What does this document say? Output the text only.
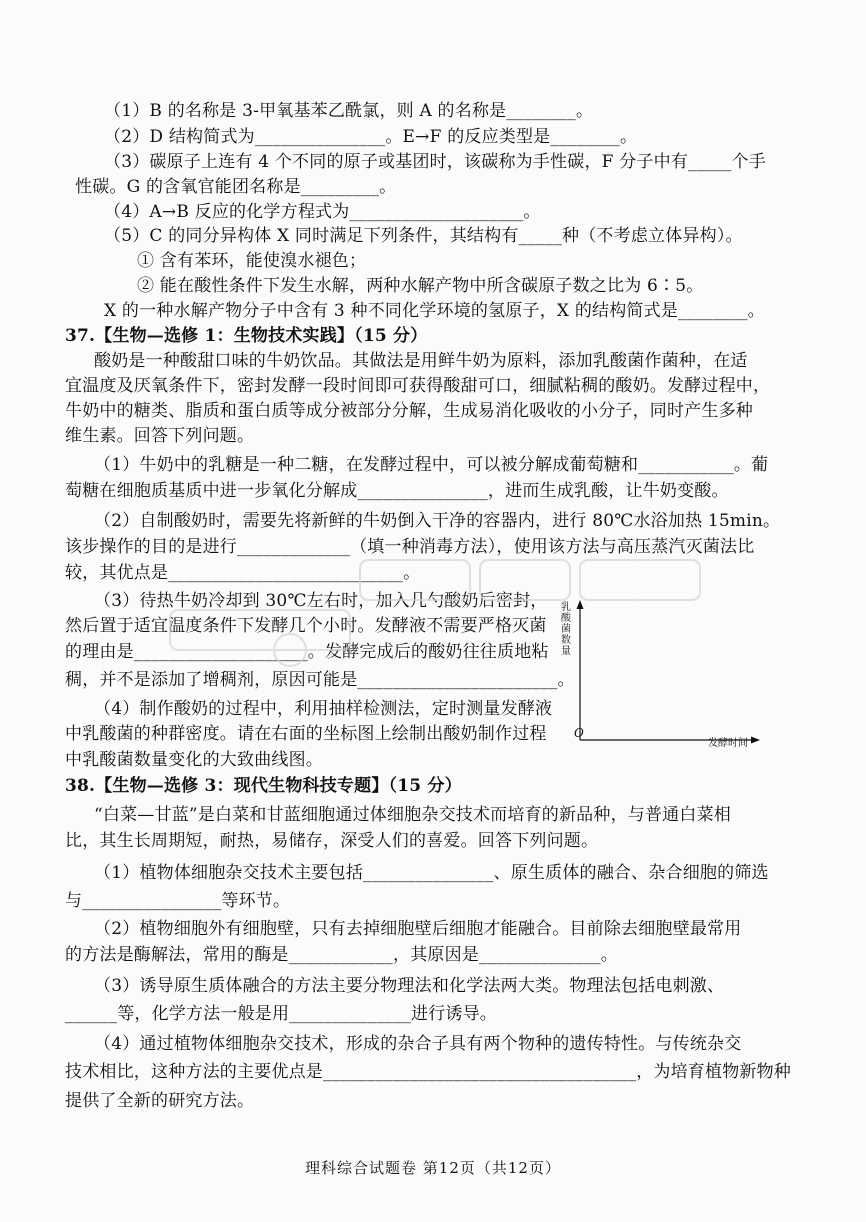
（1）B 的名称是 3-甲氧基苯乙酰氯，则 A 的名称是________。
（2）D 结构简式为_______________。E→F 的反应类型是________。
（3）碳原子上连有 4 个不同的原子或基团时，该碳称为手性碳，F 分子中有_____个手
性碳。G 的含氧官能团名称是_________。
（4）A→B 反应的化学方程式为____________________。
（5）C 的同分异构体 X 同时满足下列条件，其结构有_____种（不考虑立体异构）。
① 含有苯环，能使溴水褪色；
② 能在酸性条件下发生水解，两种水解产物中所含碳原子数之比为 6∶5。
X 的一种水解产物分子中含有 3 种不同化学环境的氢原子，X 的结构简式是________。
37.【生物—选修 1：生物技术实践】（15 分）
酸奶是一种酸甜口味的牛奶饮品。其做法是用鲜牛奶为原料，添加乳酸菌作菌种，在适
宜温度及厌氧条件下，密封发酵一段时间即可获得酸甜可口，细腻粘稠的酸奶。发酵过程中，
牛奶中的糖类、脂质和蛋白质等成分被部分分解，生成易消化吸收的小分子，同时产生多种
维生素。回答下列问题。
（1）牛奶中的乳糖是一种二糖，在发酵过程中，可以被分解成葡萄糖和___________。葡
萄糖在细胞质基质中进一步氧化分解成_______________，进而生成乳酸，让牛奶变酸。
（2）自制酸奶时，需要先将新鲜的牛奶倒入干净的容器内，进行 80℃水浴加热 15min。
该步操作的目的是进行_____________（填一种消毒方法），使用该方法与高压蒸汽灭菌法比
较，其优点是___________________________。
（3）待热牛奶冷却到 30℃左右时，加入几勺酸奶后密封，
然后置于适宜温度条件下发酵几个小时。发酵液不需要严格灭菌
的理由是____________________。发酵完成后的酸奶往往质地粘
稠，并不是添加了增稠剂，原因可能是_______________________。
（4）制作酸奶的过程中，利用抽样检测法，定时测量发酵液
中乳酸菌的种群密度。请在右面的坐标图上绘制出酸奶制作过程
中乳酸菌数量变化的大致曲线图。
38.【生物—选修 3：现代生物科技专题】（15 分）
“白菜—甘蓝”是白菜和甘蓝细胞通过体细胞杂交技术而培育的新品种，与普通白菜相
比，其生长周期短，耐热，易储存，深受人们的喜爱。回答下列问题。
（1）植物体细胞杂交技术主要包括_______________、原生质体的融合、杂合细胞的筛选
与________________等环节。
（2）植物细胞外有细胞壁，只有去掉细胞壁后细胞才能融合。目前除去细胞壁最常用
的方法是酶解法，常用的酶是____________，其原因是______________。
（3）诱导原生质体融合的方法主要分物理法和化学法两大类。物理法包括电刺激、
______等，化学方法一般是用______________进行诱导。
（4）通过植物体细胞杂交技术，形成的杂合子具有两个物种的遗传特性。与传统杂交
技术相比，这种方法的主要优点是____________________________________，为培育植物新物种
提供了全新的研究方法。
乳酸菌数量
O
发酵时间
理科综合试题卷 第12页（共12页）
